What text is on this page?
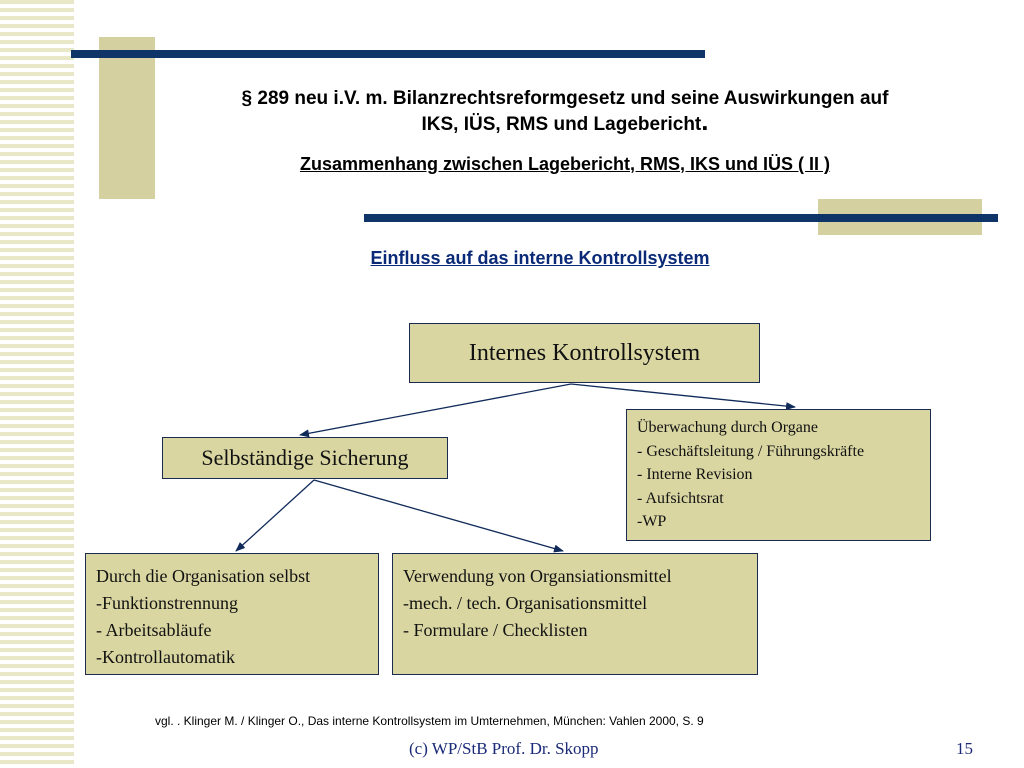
§ 289 neu i.V. m. Bilanzrechtsreformgesetz und seine Auswirkungen auf
IKS, IÜS, RMS und Lagebericht.
Zusammenhang zwischen Lagebericht, RMS, IKS und IÜS ( II )
Einfluss auf das interne Kontrollsystem
Internes Kontrollsystem
Selbständige Sicherung
Überwachung durch Organe
- Geschäftsleitung / Führungskräfte
- Interne Revision
- Aufsichtsrat
-WP
Durch die Organisation selbst
-Funktionstrennung
- Arbeitsabläufe
-Kontrollautomatik
Verwendung von Organsiationsmittel
-mech. / tech. Organisationsmittel
- Formulare / Checklisten
vgl. . Klinger M. / Klinger O., Das interne Kontrollsystem im Umternehmen, München: Vahlen 2000, S. 9
(c) WP/StB Prof. Dr. Skopp	15
